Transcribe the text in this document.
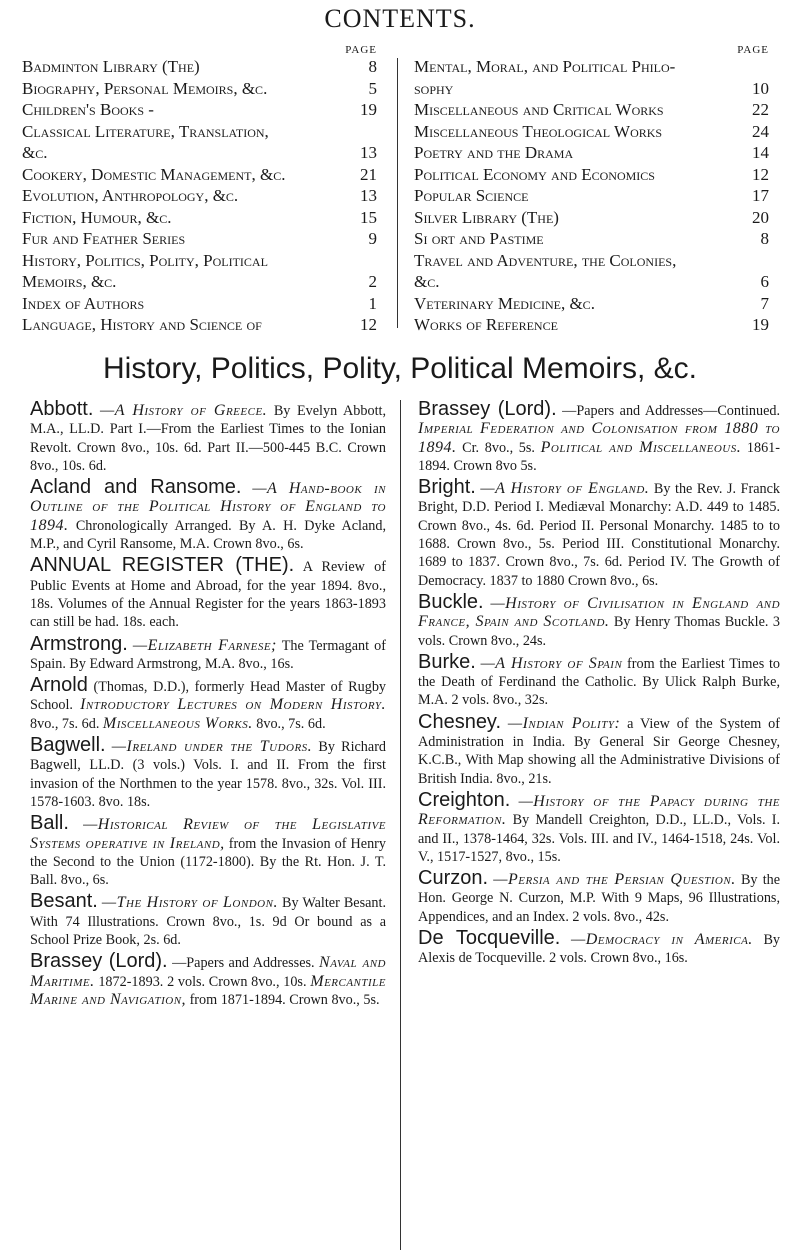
CONTENTS.
PAGE
Badminton Library (The)	8
Biography, Personal Memoirs, &c.	5
Children's Books -	19
Classical Literature, Translation,
&c.	13
Cookery, Domestic Management, &c.	21
Evolution, Anthropology, &c.	13
Fiction, Humour, &c.	15
Fur and Feather Series	9
History, Politics, Polity, Political
Memoirs, &c.	2
Index of Authors	1
Language, History and Science of	12
PAGE
Mental, Moral, and Political Philo-
sophy	10
Miscellaneous and Critical Works	22
Miscellaneous Theological Works	24
Poetry and the Drama	14
Political Economy and Economics	12
Popular Science	17
Silver Library (The)	20
Si ort and Pastime	8
Travel and Adventure, the Colonies,
&c.	6
Veterinary Medicine, &c.	7
Works of Reference	19
History, Politics, Polity, Political Memoirs, &c.

Abbott. —A History of Greece. By Evelyn Abbott, M.A., LL.D. Part I.—From the Earliest Times to the Ionian Revolt. Crown 8vo., 10s. 6d. Part II.—500-445 B.C. Crown 8vo., 10s. 6d.

Acland and Ransome. —A Hand-book in Outline of the Political History of England to 1894. Chronologically Arranged. By A. H. Dyke Acland, M.P., and Cyril Ransome, M.A. Crown 8vo., 6s.

ANNUAL REGISTER (THE). A Review of Public Events at Home and Abroad, for the year 1894. 8vo., 18s. Volumes of the Annual Register for the years 1863-1893 can still be had. 18s. each.

Armstrong. —Elizabeth Farnese; The Termagant of Spain. By Edward Armstrong, M.A. 8vo., 16s.

Arnold (Thomas, D.D.), formerly Head Master of Rugby School. Introductory Lectures on Modern History. 8vo., 7s. 6d. Miscellaneous Works. 8vo., 7s. 6d.

Bagwell. —Ireland under the Tudors. By Richard Bagwell, LL.D. (3 vols.) Vols. I. and II. From the first invasion of the Northmen to the year 1578. 8vo., 32s. Vol. III. 1578-1603. 8vo. 18s.

Ball. —Historical Review of the Legislative Systems operative in Ireland, from the Invasion of Henry the Second to the Union (1172-1800). By the Rt. Hon. J. T. Ball. 8vo., 6s.

Besant. —The History of London. By Walter Besant. With 74 Illustrations. Crown 8vo., 1s. 9d Or bound as a School Prize Book, 2s. 6d.

Brassey (Lord). —Papers and Addresses. Naval and Maritime. 1872-1893. 2 vols. Crown 8vo., 10s. Mercantile Marine and Navigation, from 1871-1894. Crown 8vo., 5s.

Brassey (Lord). —Papers and Addresses—Continued. Imperial Federation and Colonisation from 1880 to 1894. Cr. 8vo., 5s. Political and Miscellaneous. 1861-1894. Crown 8vo 5s.

Bright. —A History of England. By the Rev. J. Franck Bright, D.D. Period I. Mediæval Monarchy: A.D. 449 to 1485. Crown 8vo., 4s. 6d. Period II. Personal Monarchy. 1485 to to 1688. Crown 8vo., 5s. Period III. Constitutional Monarchy. 1689 to 1837. Crown 8vo., 7s. 6d. Period IV. The Growth of Democracy. 1837 to 1880 Crown 8vo., 6s.

Buckle. —History of Civilisation in England and France, Spain and Scotland. By Henry Thomas Buckle. 3 vols. Crown 8vo., 24s.

Burke. —A History of Spain from the Earliest Times to the Death of Ferdinand the Catholic. By Ulick Ralph Burke, M.A. 2 vols. 8vo., 32s.

Chesney. —Indian Polity: a View of the System of Administration in India. By General Sir George Chesney, K.C.B., With Map showing all the Administrative Divisions of British India. 8vo., 21s.

Creighton. —History of the Papacy during the Reformation. By Mandell Creighton, D.D., LL.D., Vols. I. and II., 1378-1464, 32s. Vols. III. and IV., 1464-1518, 24s. Vol. V., 1517-1527, 8vo., 15s.

Curzon. —Persia and the Persian Question. By the Hon. George N. Curzon, M.P. With 9 Maps, 96 Illustrations, Appendices, and an Index. 2 vols. 8vo., 42s.

De Tocqueville. —Democracy in America. By Alexis de Tocqueville. 2 vols. Crown 8vo., 16s.
